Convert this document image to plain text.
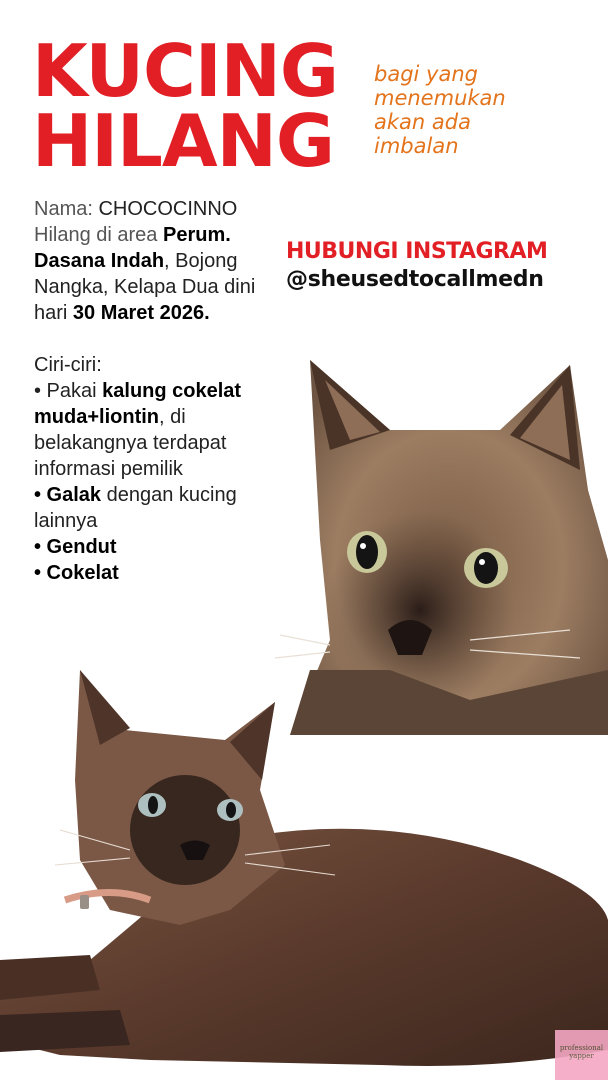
KUCING
HILANG
bagi yang
menemukan
akan ada
imbalan

Nama: CHOCOCINNO

Hilang di area Perum. Dasana Indah, Bojong Nangka, Kelapa Dua dini hari 30 Maret 2026.

Ciri-ciri:

• Pakai kalung cokelat muda+liontin, di belakangnya terdapat informasi pemilik

• Galak dengan kucing lainnya

• Gendut

• Cokelat

HUBUNGI INSTAGRAM
@sheusedtocallmedn
professional
yapper
